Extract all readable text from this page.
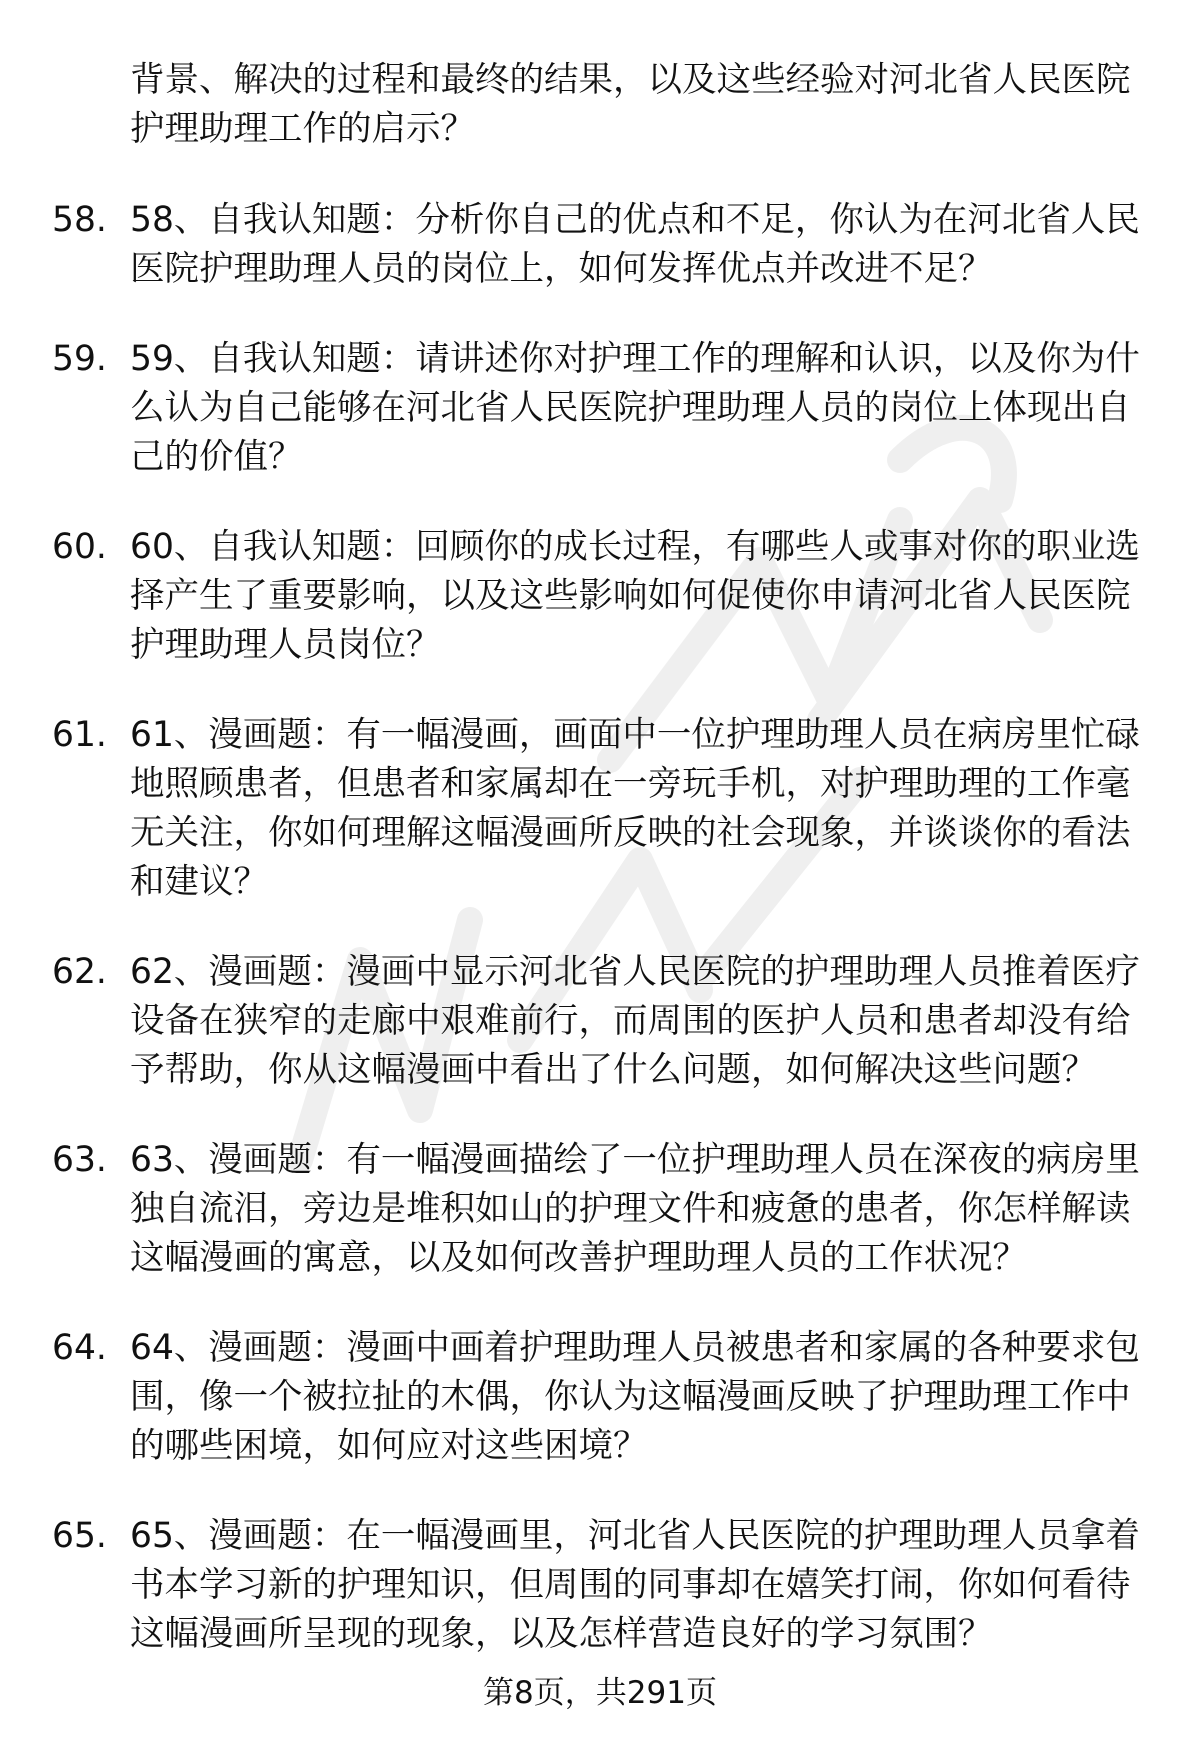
背景、解决的过程和最终的结果，以及这些经验对河北省人民医院护理助理工作的启示？
58. 58、自我认知题：分析你自己的优点和不足，你认为在河北省人民医院护理助理人员的岗位上，如何发挥优点并改进不足？
59. 59、自我认知题：请讲述你对护理工作的理解和认识，以及你为什么认为自己能够在河北省人民医院护理助理人员的岗位上体现出自己的价值？
60. 60、自我认知题：回顾你的成长过程，有哪些人或事对你的职业选择产生了重要影响，以及这些影响如何促使你申请河北省人民医院护理助理人员岗位？
61. 61、漫画题：有一幅漫画，画面中一位护理助理人员在病房里忙碌地照顾患者，但患者和家属却在一旁玩手机，对护理助理的工作毫无关注，你如何理解这幅漫画所反映的社会现象，并谈谈你的看法和建议？
62. 62、漫画题：漫画中显示河北省人民医院的护理助理人员推着医疗设备在狭窄的走廊中艰难前行，而周围的医护人员和患者却没有给予帮助，你从这幅漫画中看出了什么问题，如何解决这些问题？
63. 63、漫画题：有一幅漫画描绘了一位护理助理人员在深夜的病房里独自流泪，旁边是堆积如山的护理文件和疲惫的患者，你怎样解读这幅漫画的寓意，以及如何改善护理助理人员的工作状况？
64. 64、漫画题：漫画中画着护理助理人员被患者和家属的各种要求包围，像一个被拉扯的木偶，你认为这幅漫画反映了护理助理工作中的哪些困境，如何应对这些困境？
65. 65、漫画题：在一幅漫画里，河北省人民医院的护理助理人员拿着书本学习新的护理知识，但周围的同事却在嬉笑打闹，你如何看待这幅漫画所呈现的现象，以及怎样营造良好的学习氛围？
第8页，共291页
